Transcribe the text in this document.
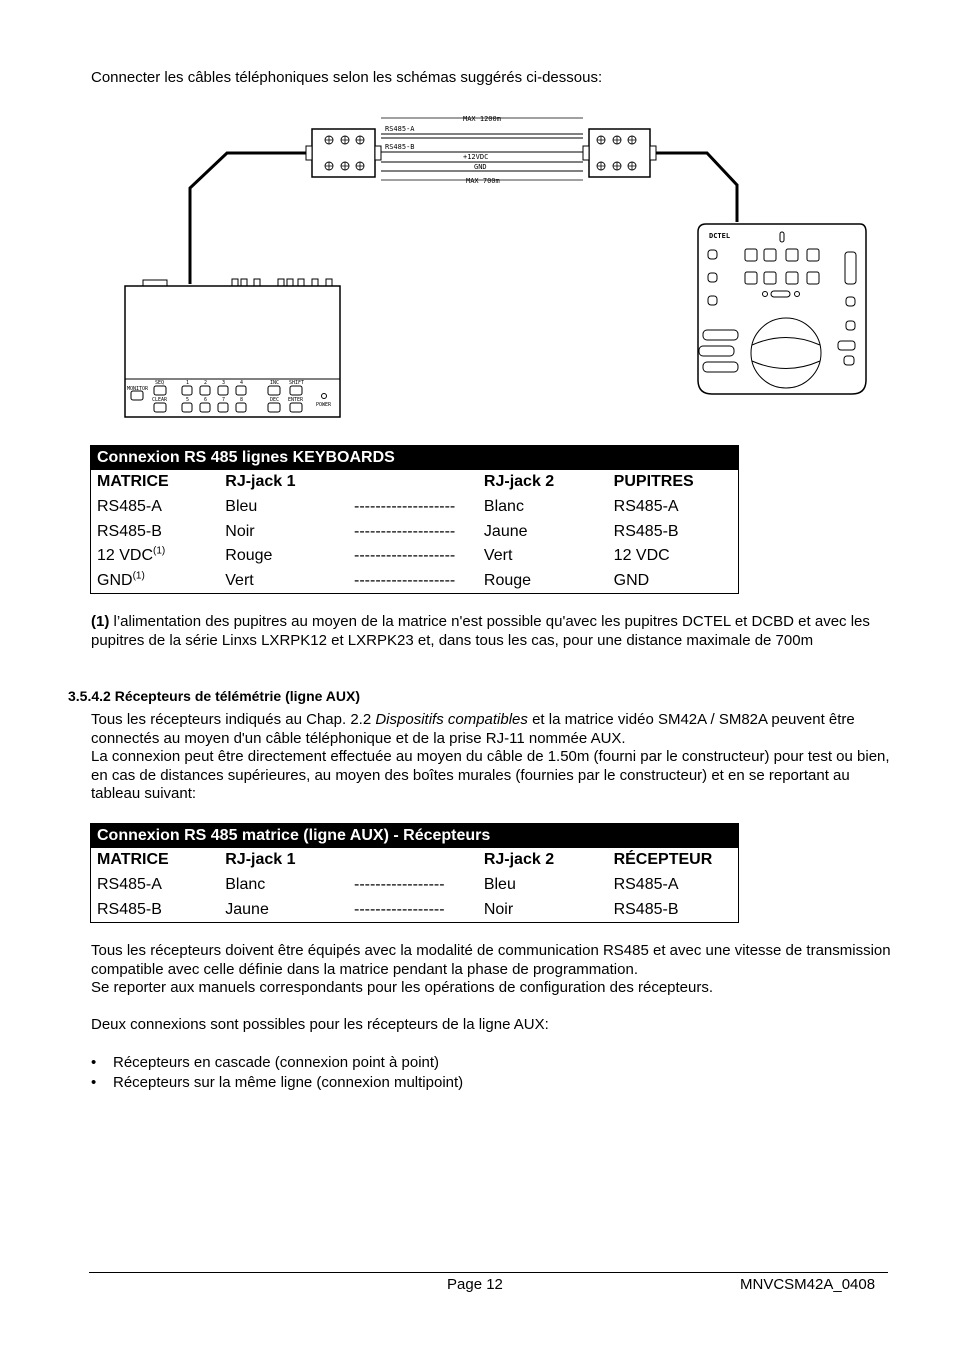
Connecter les câbles téléphoniques selon les schémas suggérés ci-dessous:

RS485-A
RS485-B
MAX 1200m
+12VDC
GND
MAX 700m
DCTEL
MONITOR
SEQ
CLEAR
1	2	3	4
5	6	7	8
INC SHIFT
DEC ENTER
POWER
Connexion RS 485 lignes KEYBOARDS				
MATRICE	RJ-jack 1		RJ-jack 2	PUPITRES
RS485-A	Bleu	-------------------	Blanc	RS485-A
RS485-B	Noir	-------------------	Jaune	RS485-B
12 VDC$^{(1)}$	Rouge	-------------------	Vert	12 VDC
GND$^{(1)}$	Vert	-------------------	Rouge	GND

(1) l’alimentation des pupitres au moyen de la matrice n'est possible qu'avec les pupitres DCTEL et DCBD et avec les pupitres de la série Linxs LXRPK12 et LXRPK23 et, dans tous les cas, pour une distance maximale de 700m

3.5.4.2 Récepteurs de télémétrie (ligne AUX)

Tous les récepteurs indiqués au Chap. 2.2 Dispositifs compatibles et la matrice vidéo SM42A / SM82A peuvent être connectés au moyen d'un câble téléphonique et de la prise RJ-11 nommée AUX.

La connexion peut être directement effectuée au moyen du câble de 1.50m (fourni par le constructeur) pour test ou bien, en cas de distances supérieures, au moyen des boîtes murales (fournies par le constructeur) et en se reportant au tableau suivant:

Connexion RS 485 matrice (ligne AUX) - Récepteurs				
MATRICE	RJ-jack 1		RJ-jack 2	RÉCEPTEUR
RS485-A	Blanc	-----------------	Bleu	RS485-A
RS485-B	Jaune	-----------------	Noir	RS485-B

Tous les récepteurs doivent être équipés avec la modalité de communication RS485 et avec une vitesse de transmission compatible avec celle définie dans la matrice pendant la phase de programmation.

Se reporter aux manuels correspondants pour les opérations de configuration des récepteurs.

Deux connexions sont possibles pour les récepteurs de la ligne AUX:

• Récepteurs en cascade (connexion point à point)
• Récepteurs sur la même ligne (connexion multipoint)
Page 12	MNVCSM42A_0408
